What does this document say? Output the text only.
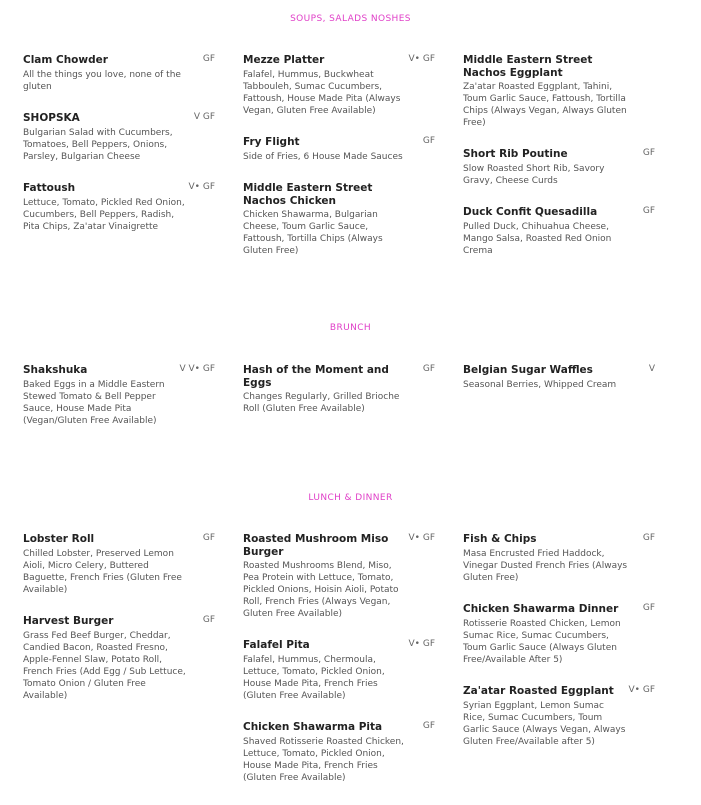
SOUPS, SALADS NOSHES
Clam Chowder
All the things you love, none of the gluten
GF
SHOPSKA
Bulgarian Salad with Cucumbers, Tomatoes, Bell Peppers, Onions, Parsley, Bulgarian Cheese
V GF
Fattoush
Lettuce, Tomato, Pickled Red Onion, Cucumbers, Bell Peppers, Radish, Pita Chips, Za'atar Vinaigrette
V• GF
Mezze Platter
Falafel, Hummus, Buckwheat Tabbouleh, Sumac Cucumbers, Fattoush, House Made Pita (Always Vegan, Gluten Free Available)
V• GF
Fry Flight
Side of Fries, 6 House Made Sauces
GF
Middle Eastern Street Nachos Chicken
Chicken Shawarma, Bulgarian Cheese, Toum Garlic Sauce, Fattoush, Tortilla Chips (Always Gluten Free)
Middle Eastern Street Nachos Eggplant
Za'atar Roasted Eggplant, Tahini, Toum Garlic Sauce, Fattoush, Tortilla Chips (Always Vegan, Always Gluten Free)
Short Rib Poutine
Slow Roasted Short Rib, Savory Gravy, Cheese Curds
GF
Duck Confit Quesadilla
Pulled Duck, Chihuahua Cheese, Mango Salsa, Roasted Red Onion Crema
GF
BRUNCH
Shakshuka
Baked Eggs in a Middle Eastern Stewed Tomato & Bell Pepper Sauce, House Made Pita (Vegan/Gluten Free Available)
V V• GF	Hash of the Moment and Eggs
Changes Regularly, Grilled Brioche Roll (Gluten Free Available)
GF	Belgian Sugar Waffles
Seasonal Berries, Whipped Cream
V
LUNCH & DINNER
Lobster Roll
Chilled Lobster, Preserved Lemon Aioli, Micro Celery, Buttered Baguette, French Fries (Gluten Free Available)
GF
Harvest Burger
Grass Fed Beef Burger, Cheddar, Candied Bacon, Roasted Fresno, Apple-Fennel Slaw, Potato Roll, French Fries (Add Egg / Sub Lettuce, Tomato Onion / Gluten Free Available)
GF
Roasted Mushroom Miso Burger
Roasted Mushrooms Blend, Miso, Pea Protein with Lettuce, Tomato, Pickled Onions, Hoisin Aioli, Potato Roll, French Fries (Always Vegan, Gluten Free Available)
V• GF
Falafel Pita
Falafel, Hummus, Chermoula, Lettuce, Tomato, Pickled Onion, House Made Pita, French Fries (Gluten Free Available)
V• GF
Chicken Shawarma Pita
Shaved Rotisserie Roasted Chicken, Lettuce, Tomato, Pickled Onion, House Made Pita, French Fries (Gluten Free Available)
GF
Fish & Chips
Masa Encrusted Fried Haddock, Vinegar Dusted French Fries (Always Gluten Free)
GF
Chicken Shawarma Dinner
Rotisserie Roasted Chicken, Lemon Sumac Rice, Sumac Cucumbers, Toum Garlic Sauce (Always Gluten Free/Available After 5)
GF
Za'atar Roasted Eggplant
Syrian Eggplant, Lemon Sumac Rice, Sumac Cucumbers, Toum Garlic Sauce (Always Vegan, Always Gluten Free/Available after 5)
V• GF
